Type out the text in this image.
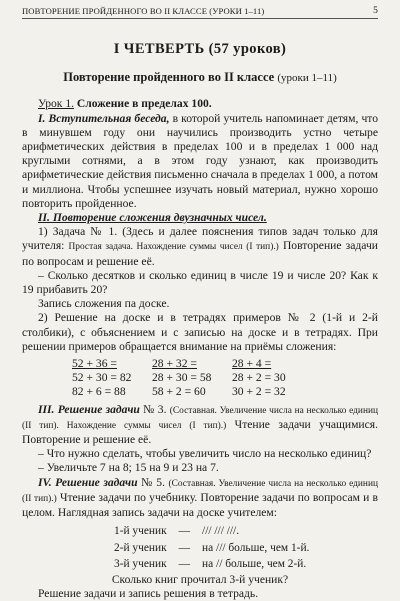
ПОВТОРЕНИЕ ПРОЙДЕННОГО ВО II КЛАССЕ (УРОКИ 1–11)	5
I ЧЕТВЕРТЬ (57 уроков)
Повторение пройденного во II классе (уроки 1–11)

Урок 1. Сложение в пределах 100.

I. Вступительная беседа, в которой учитель напоминает детям, что в минувшем году они научились производить устно четыре арифметических действия в пределах 100 и в пределах 1 000 над круглыми сотнями, а в этом году узнают, как производить арифметические действия письменно сначала в пределах 1 000, а потом и миллиона. Чтобы успешнее изучать новый материал, нужно хорошо повторить пройденное.

II. Повторение сложения двузначных чисел.

1) Задача № 1. (Здесь и далее пояснения типов задач только для учителя: Простая задача. Нахождение суммы чисел (I тип).) Повторение задачи по вопросам и решение её.

– Сколько десятков и сколько единиц в числе 19 и числе 20? Как к 19 прибавить 20?

Запись сложения па доске.

2) Решение на доске и в тетрадях примеров № 2 (1-й и 2-й столбики), с объяснением и с записью на доске и в тетрадях. При решении примеров обращается внимание на приёмы сложения:

52 + 36 =	28 + 32 =	28 + 4 =
52 + 30 = 82	28 + 30 = 58	28 + 2 = 30
82 + 6 = 88	58 + 2 = 60	30 + 2 = 32

III. Решение задачи № 3. (Составная. Увеличение числа на несколько единиц (II тип). Нахождение суммы чисел (I тип).) Чтение задачи учащимися. Повторение и решение её.

– Что нужно сделать, чтобы увеличить число на несколько единиц?

– Увеличьте 7 на 8; 15 на 9 и 23 на 7.

IV. Решение задачи № 5. (Составная. Увеличение числа на несколько единиц (II тип).) Чтение задачи по учебнику. Повторение задачи по вопросам и в целом. Наглядная запись задачи на доске учителем:

1-й ученик	—	/// /// ///.
2-й ученик	—	на /// больше, чем 1-й.
3-й ученик	—	на // больше, чем 2-й.

Сколько книг прочитал 3-й ученик?

Решение задачи и запись решения в тетрадь.
